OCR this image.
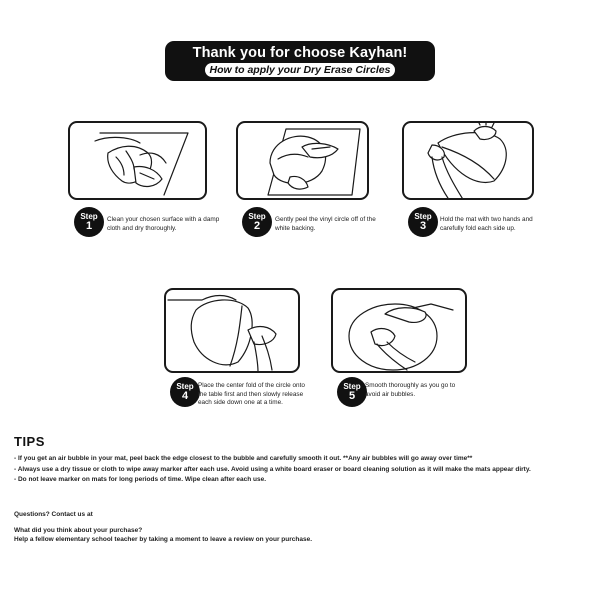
Thank you for choose Kayhan!
How to apply your Dry Erase Circles
Step
1
Clean your chosen surface with a damp cloth and dry thoroughly.
Step
2
Gently peel the vinyl circle off of the white backing.
Step
3
Hold the mat with two hands and carefully fold each side up.
Step
4
Place the center fold of the circle onto the table first and then slowly release each side down one at a time.
Step
5
Smooth thoroughly as you go to avoid air bubbles.
TIPS
- If you get an air bubble in your mat, peel back the edge closest to the bubble and carefully smooth it out. **Any air bubbles will go away over time**
- Always use a dry tissue or cloth to wipe away marker after each use. Avoid using a white board eraser or board cleaning solution as it will make the mats appear dirty.
- Do not leave marker on mats for long periods of time. Wipe clean after each use.
Questions? Contact us at
What did you think about your purchase?
Help a fellow elementary school teacher by taking a moment to leave a review on your purchase.
